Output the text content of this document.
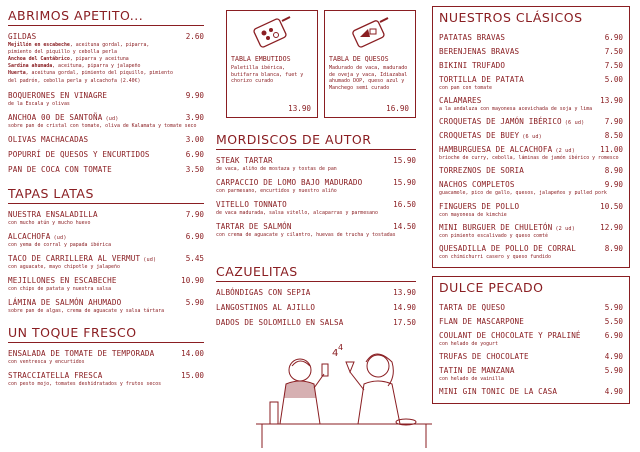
ABRIMOS APETITO...
GILDAS	2.60
Mejillón en escabeche, aceituna gordal, piparra,
pimiento del piquillo y cebolla perla
Anchoa del Cantábrico, piparra y aceituna
Sardina ahumada, aceituna, piparra y jalapeño
Huerta, aceituna gordal, pimiento del piquillo, pimiento
del padrón, cebolla perla y alcachofa (2.40€)
BOQUERONES EN VINAGRE	9.90
de la Escala y olivas
ANCHOA 00 DE SANTOÑA (ud)	3.90
sobre pan de cristal con tomate, oliva de Kalamata y tomate seco
OLIVAS MACHACADAS	3.00
POPURRÍ DE QUESOS Y ENCURTIDOS	6.90
PAN DE COCA CON TOMATE	3.50
TAPAS LATAS
NUESTRA ENSALADILLA	7.90
con mucho atún y mucho huevo
ALCACHOFA (ud)	6.90
con yema de corral y papada ibérica
TACO DE CARRILLERA AL VERMUT (ud)	5.45
con aguacate, mayo chipotle y jalapeño
MEJILLONES EN ESCABECHE	10.90
con chips de patata y nuestra salsa
LÁMINA DE SALMÓN AHUMADO	5.90
sobre pan de algas, crema de aguacate y salsa tártara
UN TOQUE FRESCO
ENSALADA DE TOMATE DE TEMPORADA	14.00
con ventresca y encurtidos
STRACCIATELLA FRESCA	15.00
con pesto mojo, tomates deshidratados y frutos secos
TABLA EMBUTIDOS
Paletilla ibérica, butifarra blanca, fuet y chorizo curado
13.90
TABLA DE QUESOS
Madurado de vaca, madurado de oveja y vaca, Idiazabal ahumado DOP, queso azul y Manchego semi curado
16.90
MORDISCOS DE AUTOR
STEAK TARTAR	15.90
de vaca, aliño de mostaza y tostas de pan
CARPACCIO DE LOMO BAJO MADURADO	15.90
con parmesano, encurtidos y nuestro aliño
VITELLO TONNATO	16.50
de vaca madurada, salsa vitello, alcaparras y parmesano
TARTAR DE SALMÓN	14.50
con crema de aguacate y cilantro, huevas de trucha y tostadas
CAZUELITAS
ALBÓNDIGAS CON SEPIA	13.90
LANGOSTINOS AL AJILLO	14.90
DADOS DE SOLOMILLO EN SALSA	17.50
4
4
NUESTROS CLÁSICOS
PATATAS BRAVAS	6.90
BERENJENAS BRAVAS	7.50
BIKINI TRUFADO	7.50
TORTILLA DE PATATA	5.00
con pan con tomate
CALAMARES	13.90
a la andaluza con mayonesa acevichada de soja y lima
CROQUETAS DE JAMÓN IBÉRICO (6 ud)	7.90
CROQUETAS DE BUEY (6 ud)	8.50
HAMBURGUESA DE ALCACHOFA (2 ud)	11.00
brioche de curry, cebolla, láminas de jamón ibérico y romesco
TORREZNOS DE SORIA	8.90
NACHOS COMPLETOS	9.90
guacamole, pico de gallo, quesos, jalapeños y pulled pork
FINGUERS DE POLLO	10.50
con mayonesa de kimchie
MINI BURGUER DE CHULETÓN (2 ud)	12.90
con pimiento escalivado y queso comté
QUESADILLA DE POLLO DE CORRAL	8.90
con chimichurri casero y queso fundido
DULCE PECADO
TARTA DE QUESO	5.90
FLAN DE MASCARPONE	5.50
COULANT DE CHOCOLATE Y PRALINÉ	6.90
con helado de yogurt
TRUFAS DE CHOCOLATE	4.90
TATIN DE MANZANA	5.90
con helado de vainilla
MINI GIN TONIC DE LA CASA	4.90
